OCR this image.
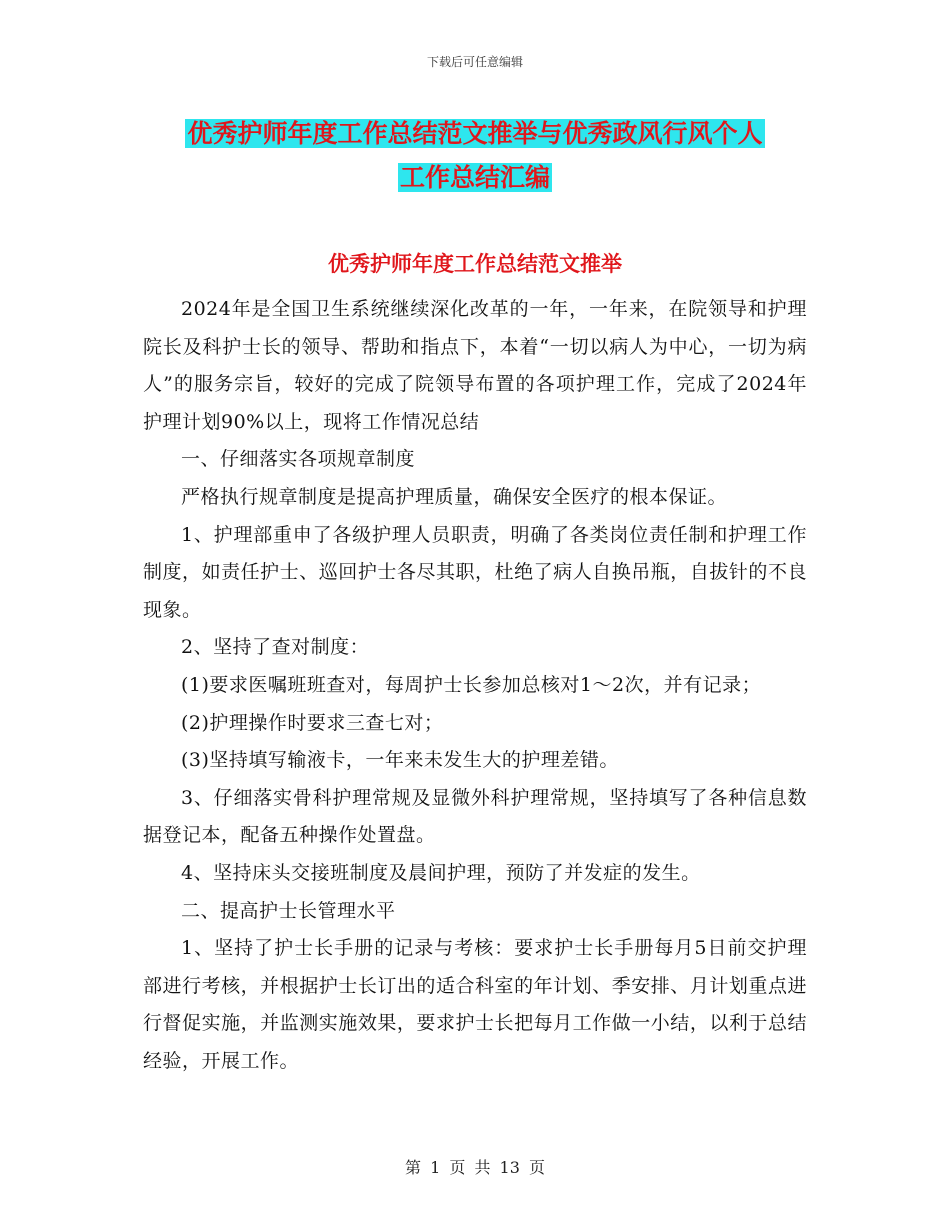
下载后可任意编辑
优秀护师年度工作总结范文推举与优秀政风行风个人
工作总结汇编
优秀护师年度工作总结范文推举

2024年是全国卫生系统继续深化改革的一年，一年来，在院领导和护理院长及科护士长的领导、帮助和指点下，本着“一切以病人为中心，一切为病人”的服务宗旨，较好的完成了院领导布置的各项护理工作，完成了2024年护理计划90%以上，现将工作情况总结

一、仔细落实各项规章制度

严格执行规章制度是提高护理质量，确保安全医疗的根本保证。

1、护理部重申了各级护理人员职责，明确了各类岗位责任制和护理工作制度，如责任护士、巡回护士各尽其职，杜绝了病人自换吊瓶，自拔针的不良现象。

2、坚持了查对制度：

(1)要求医嘱班班查对，每周护士长参加总核对1～2次，并有记录；

(2)护理操作时要求三查七对；

(3)坚持填写输液卡，一年来未发生大的护理差错。

3、仔细落实骨科护理常规及显微外科护理常规，坚持填写了各种信息数据登记本，配备五种操作处置盘。

4、坚持床头交接班制度及晨间护理，预防了并发症的发生。

二、提高护士长管理水平

1、坚持了护士长手册的记录与考核：要求护士长手册每月5日前交护理部进行考核，并根据护士长订出的适合科室的年计划、季安排、月计划重点进行督促实施，并监测实施效果，要求护士长把每月工作做一小结，以利于总结经验，开展工作。

第 1 页 共 13 页
